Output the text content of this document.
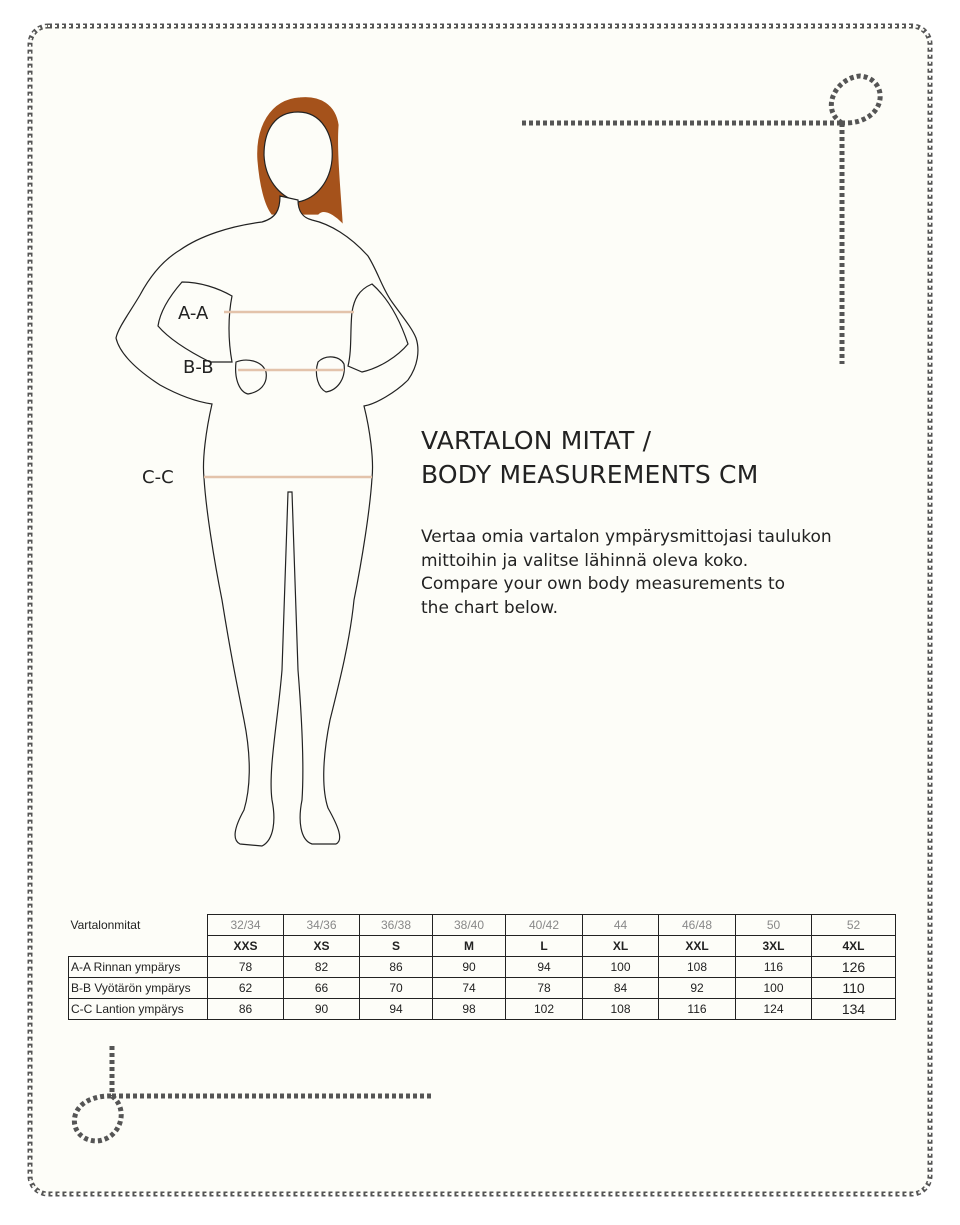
A-A
B-B
C-C
VARTALON MITAT /
BODY MEASUREMENTS CM
Vertaa omia vartalon ympärysmittojasi taulukon
mittoihin ja valitse lähinnä oleva koko.
Compare your own body measurements to
the chart below.
Vartalonmitat	32/34	34/36	36/38	38/40	40/42	44	46/48	50	52
	XXS	XS	S	M	L	XL	XXL	3XL	4XL
A-A Rinnan ympärys	78	82	86	90	94	100	108	116	126
B-B Vyötärön ympärys	62	66	70	74	78	84	92	100	110
C-C Lantion ympärys	86	90	94	98	102	108	116	124	134
